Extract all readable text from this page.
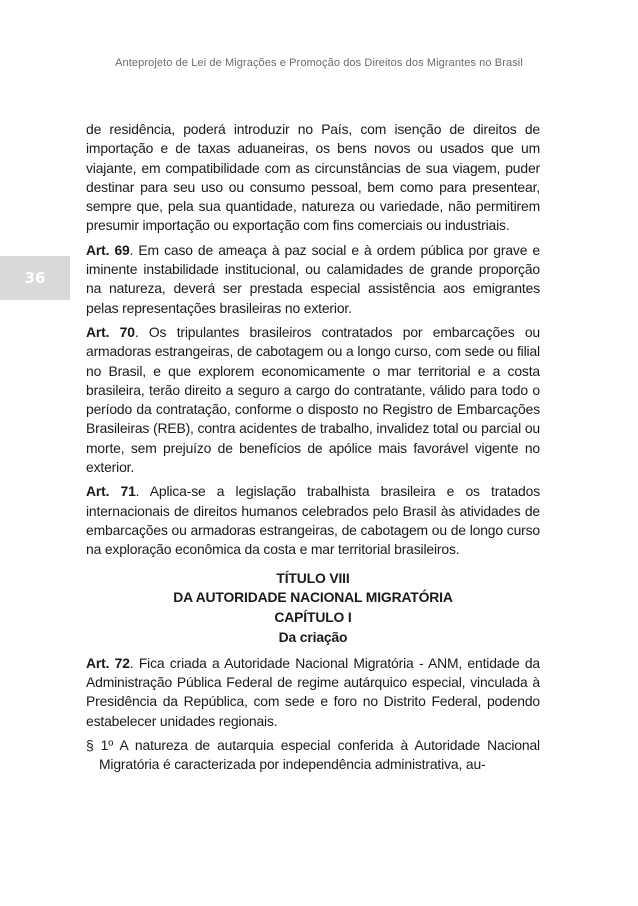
Anteprojeto de Lei de Migrações e Promoção dos Direitos dos Migrantes no Brasil
36

de residência, poderá introduzir no País, com isenção de direitos de importação e de taxas aduaneiras, os bens novos ou usados que um viajante, em compatibilidade com as circunstâncias de sua viagem, puder destinar para seu uso ou consumo pessoal, bem como para presentear, sempre que, pela sua quantidade, natureza ou variedade, não permitirem presumir importação ou exportação com fins comerciais ou industriais.

Art. 69. Em caso de ameaça à paz social e à ordem pública por grave e iminente instabilidade institucional, ou calamidades de grande proporção na natureza, deverá ser prestada especial assistência aos emigrantes pelas representações brasileiras no exterior.

Art. 70. Os tripulantes brasileiros contratados por embarcações ou armadoras estrangeiras, de cabotagem ou a longo curso, com sede ou filial no Brasil, e que explorem economicamente o mar territorial e a costa brasileira, terão direito a seguro a cargo do contratante, válido para todo o período da contratação, conforme o disposto no Registro de Embarcações Brasileiras (REB), contra acidentes de trabalho, invalidez total ou parcial ou morte, sem prejuízo de benefícios de apólice mais favorável vigente no exterior.

Art. 71. Aplica-se a legislação trabalhista brasileira e os tratados internacionais de direitos humanos celebrados pelo Brasil às atividades de embarcações ou armadoras estrangeiras, de cabotagem ou de longo curso na exploração econômica da costa e mar territorial brasileiros.

TÍTULO VIII

DA AUTORIDADE NACIONAL MIGRATÓRIA

CAPÍTULO I

Da criação

Art. 72. Fica criada a Autoridade Nacional Migratória - ANM, entidade da Administração Pública Federal de regime autárquico especial, vinculada à Presidência da República, com sede e foro no Distrito Federal, podendo estabelecer unidades regionais.

§ 1º A natureza de autarquia especial conferida à Autoridade Nacional Migratória é caracterizada por independência administrativa, au-
